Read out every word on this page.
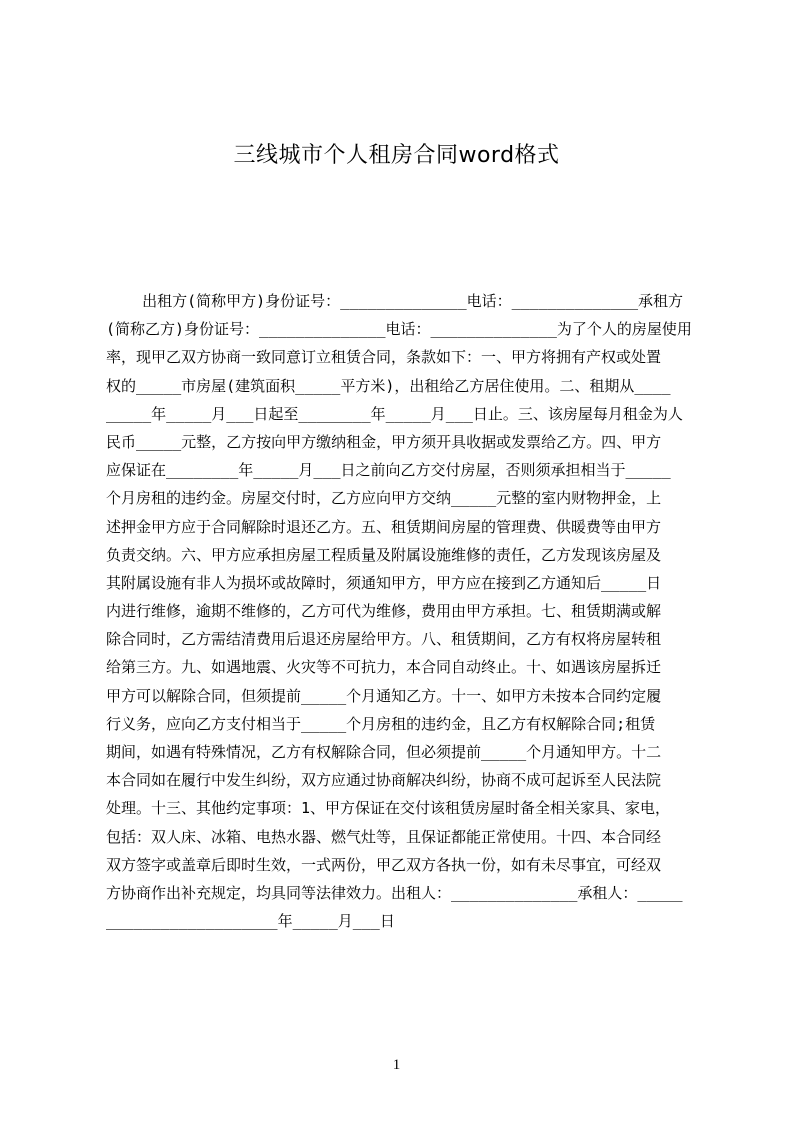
三线城市个人租房合同word格式
出租方(简称甲方)身份证号：______________电话：______________承租方
(简称乙方)身份证号：______________电话：______________为了个人的房屋使用
率，现甲乙双方协商一致同意订立租赁合同，条款如下：一、甲方将拥有产权或处置
权的_____市房屋(建筑面积_____平方米)，出租给乙方居住使用。二、租期从____
_____年_____月___日起至________年_____月___日止。三、该房屋每月租金为人
民币_____元整，乙方按向甲方缴纳租金，甲方须开具收据或发票给乙方。四、甲方
应保证在________年_____月___日之前向乙方交付房屋，否则须承担相当于_____
个月房租的违约金。房屋交付时，乙方应向甲方交纳_____元整的室内财物押金，上
述押金甲方应于合同解除时退还乙方。五、租赁期间房屋的管理费、供暖费等由甲方
负责交纳。六、甲方应承担房屋工程质量及附属设施维修的责任，乙方发现该房屋及
其附属设施有非人为损坏或故障时，须通知甲方，甲方应在接到乙方通知后_____日
内进行维修，逾期不维修的，乙方可代为维修，费用由甲方承担。七、租赁期满或解
除合同时，乙方需结清费用后退还房屋给甲方。八、租赁期间，乙方有权将房屋转租
给第三方。九、如遇地震、火灾等不可抗力，本合同自动终止。十、如遇该房屋拆迁
甲方可以解除合同，但须提前_____个月通知乙方。十一、如甲方未按本合同约定履
行义务，应向乙方支付相当于_____个月房租的违约金，且乙方有权解除合同;租赁
期间，如遇有特殊情况，乙方有权解除合同，但必须提前_____个月通知甲方。十二
本合同如在履行中发生纠纷，双方应通过协商解决纠纷，协商不成可起诉至人民法院
处理。十三、其他约定事项：1、甲方保证在交付该租赁房屋时备全相关家具、家电，
包括：双人床、冰箱、电热水器、燃气灶等，且保证都能正常使用。十四、本合同经
双方签字或盖章后即时生效，一式两份，甲乙双方各执一份，如有未尽事宜，可经双
方协商作出补充规定，均具同等法律效力。出租人：______________承租人：_____
___________________年_____月___日
1
